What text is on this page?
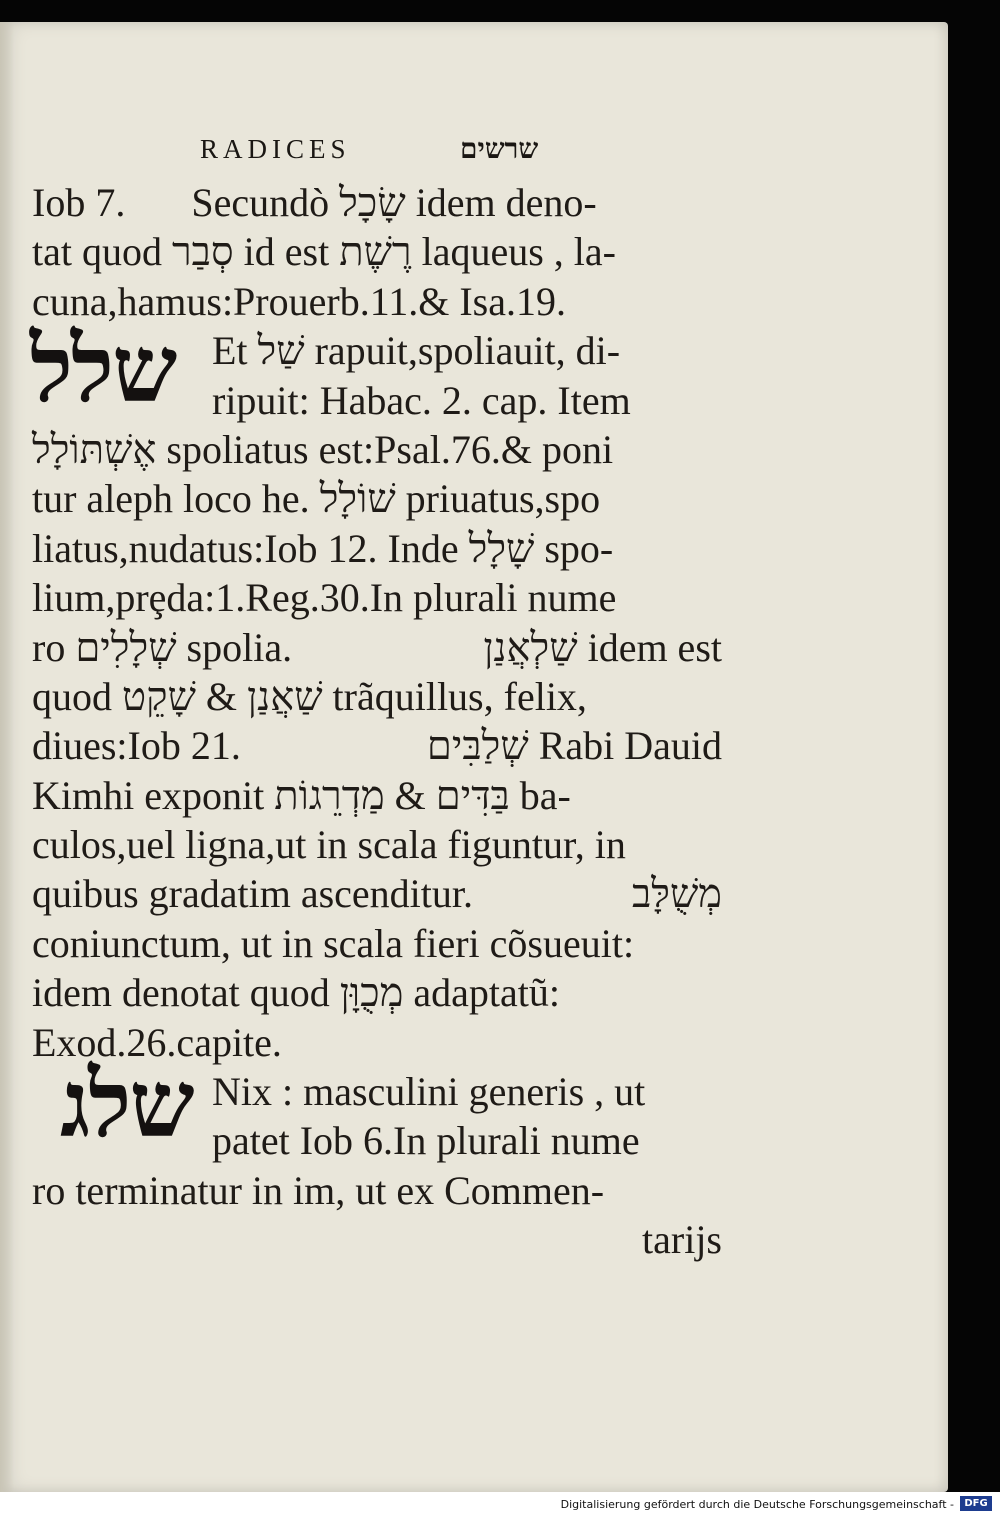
RADICES	שרשים
שלל
שלג
Iob 7. Secundò שָׂכָל idem deno-
tat quod סְבַר id est רֶשֶׁת laqueus , la-
cuna,hamus:Prouerb.11.& Isa.19.
Et שַׁל rapuit,spoliauit, di-
ripuit: Habac. 2. cap. Item
אֶשְׁתּוֹלָל spoliatus est:Psal.76.& poni
tur aleph loco he. שׁוֹלָל priuatus,spo
liatus,nudatus:Iob 12. Inde שָׁלָל spo-
lium,prȩda:1.Reg.30.In plurali nume
ro שְׁלָלִים spolia.	שַׁלְאֲנַן idem est
quod שַׁאֲנַן & שָׁקֵט trãquillus, felix,
diues:Iob 21.	שְׁלַבִּים Rabi Dauid
Kimhi exponit בַּדִּים & מַדְרֵגוֹת ba-
culos,uel ligna,ut in scala figuntur, in
quibus gradatim ascenditur.	מְשֻׁלָּב
coniunctum, ut in scala fieri cõsueuit:
idem denotat quod מְכֻוָּן adaptatũ:
Exod.26.capite.
Nix : masculini generis , ut
patet Iob 6.In plurali nume
ro terminatur in im, ut ex Commen-
tarijs
Digitalisierung gefördert durch die Deutsche Forschungsgemeinschaft -	DFG
